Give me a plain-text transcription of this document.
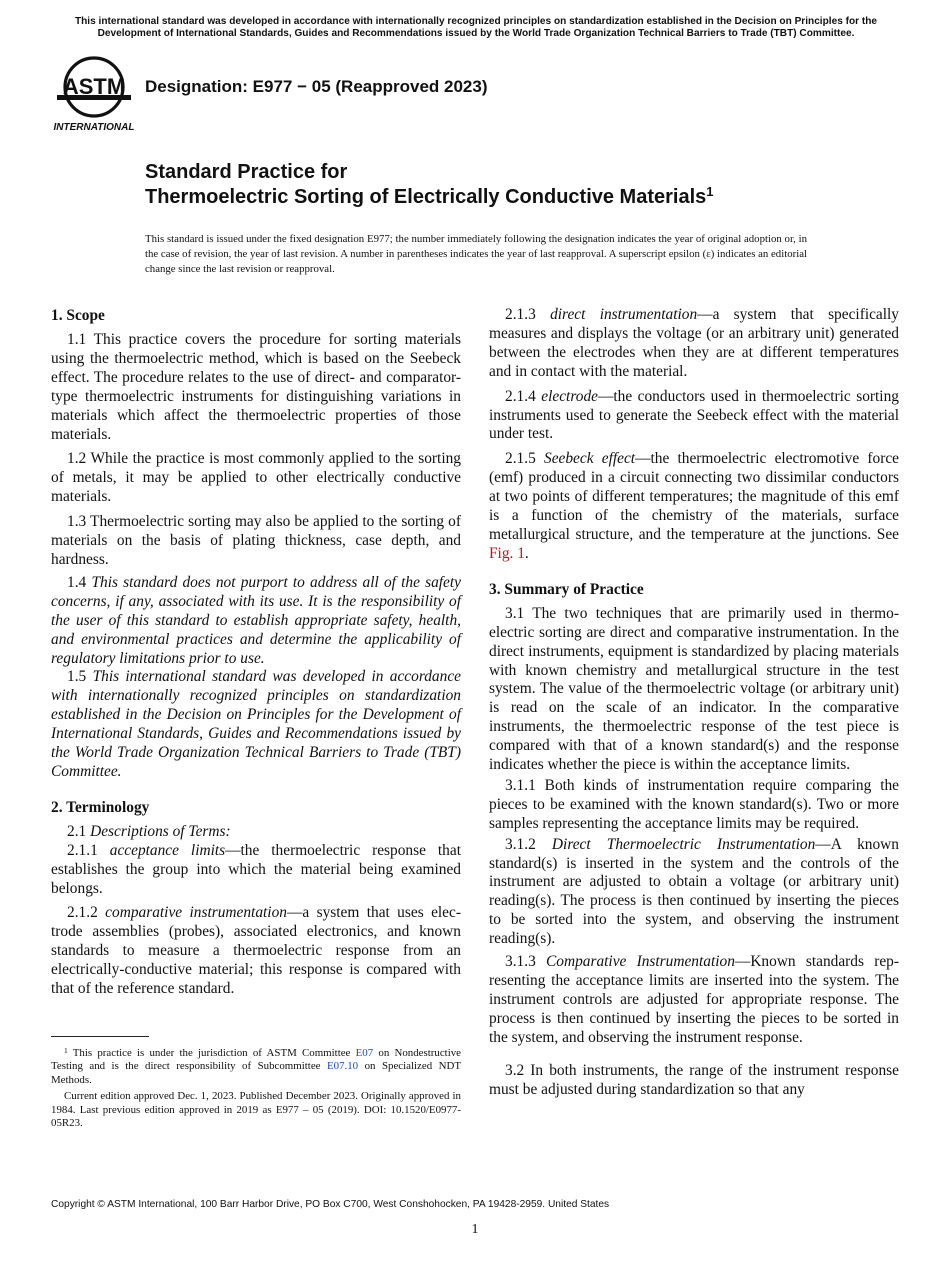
This international standard was developed in accordance with internationally recognized principles on standardization established in the Decision on Principles for the Development of International Standards, Guides and Recommendations issued by the World Trade Organization Technical Barriers to Trade (TBT) Committee.
ASTM
INTERNATIONAL
Designation: E977 − 05 (Reapproved 2023)
Standard Practice for
Thermoelectric Sorting of Electrically Conductive Materials$^1$
This standard is issued under the fixed designation E977; the number immediately following the designation indicates the year of original adoption or, in the case of revision, the year of last revision. A number in parentheses indicates the year of last reapproval. A superscript epsilon (ε) indicates an editorial change since the last revision or reapproval.
1. Scope

1.1 This practice covers the procedure for sorting materials using the thermoelectric method, which is based on the Seebeck effect. The procedure relates to the use of direct- and comparator-type thermoelectric instruments for distinguishing variations in materials which affect the thermoelectric properties of those materials.

1.2 While the practice is most commonly applied to the sorting of metals, it may be applied to other electrically conductive materials.

1.3 Thermoelectric sorting may also be applied to the sorting of materials on the basis of plating thickness, case depth, and hardness.

1.4 This standard does not purport to address all of the safety concerns, if any, associated with its use. It is the responsibility of the user of this standard to establish appropriate safety, health, and environmental practices and determine the applicability of regulatory limitations prior to use.

1.5 This international standard was developed in accordance with internationally recognized principles on standardization established in the Decision on Principles for the Development of International Standards, Guides and Recommendations issued by the World Trade Organization Technical Barriers to Trade (TBT) Committee.

2. Terminology

2.1 Descriptions of Terms:

2.1.1 acceptance limits—the thermoelectric response that establishes the group into which the material being examined belongs.

2.1.2 comparative instrumentation—a system that uses electrode assemblies (probes), associated electronics, and known standards to measure a thermoelectric response from an electrically-conductive material; this response is compared with that of the reference standard.

2.1.3 direct instrumentation—a system that specifically measures and displays the voltage (or an arbitrary unit) generated between the electrodes when they are at different temperatures and in contact with the material.

2.1.4 electrode—the conductors used in thermoelectric sorting instruments used to generate the Seebeck effect with the material under test.

2.1.5 Seebeck effect—the thermoelectric electromotive force (emf) produced in a circuit connecting two dissimilar conductors at two points of different temperatures; the magnitude of this emf is a function of the chemistry of the materials, surface metallurgical structure, and the temperature at the junctions. See Fig. 1.

3. Summary of Practice

3.1 The two techniques that are primarily used in thermoelectric sorting are direct and comparative instrumentation. In the direct instruments, equipment is standardized by placing materials with known chemistry and metallurgical structure in the test system. The value of the thermoelectric voltage (or arbitrary unit) is read on the scale of an indicator. In the comparative instruments, the thermoelectric response of the test piece is compared with that of a known standard(s) and the response indicates whether the piece is within the acceptance limits.

3.1.1 Both kinds of instrumentation require comparing the pieces to be examined with the known standard(s). Two or more samples representing the acceptance limits may be required.

3.1.2 Direct Thermoelectric Instrumentation—A known standard(s) is inserted in the system and the controls of the instrument are adjusted to obtain a voltage (or arbitrary unit) reading(s). The process is then continued by inserting the pieces to be sorted into the system, and observing the instrument reading(s).

3.1.3 Comparative Instrumentation—Known standards representing the acceptance limits are inserted into the system. The instrument controls are adjusted for appropriate response. The process is then continued by inserting the pieces to be sorted in the system, and observing the instrument response.

3.2 In both instruments, the range of the instrument response must be adjusted during standardization so that any

$^1$ This practice is under the jurisdiction of ASTM Committee E07 on Nondestructive Testing and is the direct responsibility of Subcommittee E07.10 on Specialized NDT Methods.

Current edition approved Dec. 1, 2023. Published December 2023. Originally approved in 1984. Last previous edition approved in 2019 as E977 – 05 (2019). DOI: 10.1520/E0977-05R23.

Copyright © ASTM International, 100 Barr Harbor Drive, PO Box C700, West Conshohocken, PA 19428-2959. United States
1
